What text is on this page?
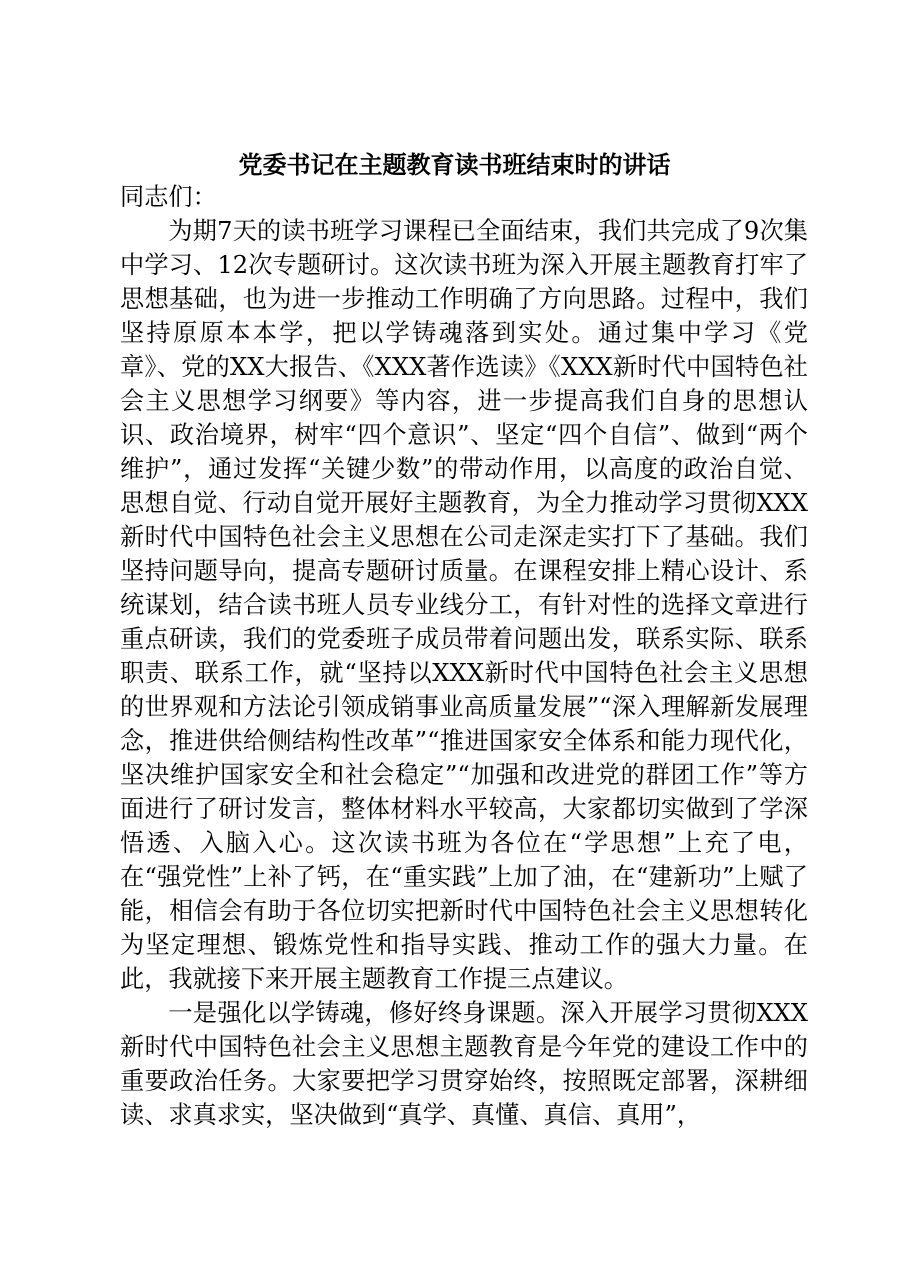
党委书记在主题教育读书班结束时的讲话

同志们：

为期7天的读书班学习课程已全面结束，我们共完成了9次集中学习、12次专题研讨。这次读书班为深入开展主题教育打牢了思想基础，也为进一步推动工作明确了方向思路。过程中，我们坚持原原本本学，把以学铸魂落到实处。通过集中学习《党章》、党的XX大报告、《XXX著作选读》《XXX新时代中国特色社会主义思想学习纲要》等内容，进一步提高我们自身的思想认识、政治境界，树牢“四个意识”、坚定“四个自信”、做到“两个维护”，通过发挥“关键少数”的带动作用，以高度的政治自觉、思想自觉、行动自觉开展好主题教育，为全力推动学习贯彻XXX新时代中国特色社会主义思想在公司走深走实打下了基础。我们坚持问题导向，提高专题研讨质量。在课程安排上精心设计、系统谋划，结合读书班人员专业线分工，有针对性的选择文章进行重点研读，我们的党委班子成员带着问题出发，联系实际、联系职责、联系工作，就“坚持以XXX新时代中国特色社会主义思想的世界观和方法论引领成销事业高质量发展”“深入理解新发展理念，推进供给侧结构性改革”“推进国家安全体系和能力现代化，坚决维护国家安全和社会稳定”“加强和改进党的群团工作”等方面进行了研讨发言，整体材料水平较高，大家都切实做到了学深悟透、入脑入心。这次读书班为各位在“学思想”上充了电，在“强党性”上补了钙，在“重实践”上加了油，在“建新功”上赋了能，相信会有助于各位切实把新时代中国特色社会主义思想转化为坚定理想、锻炼党性和指导实践、推动工作的强大力量。在此，我就接下来开展主题教育工作提三点建议。

一是强化以学铸魂，修好终身课题。深入开展学习贯彻XXX新时代中国特色社会主义思想主题教育是今年党的建设工作中的重要政治任务。大家要把学习贯穿始终，按照既定部署，深耕细读、求真求实，坚决做到“真学、真懂、真信、真用”，
